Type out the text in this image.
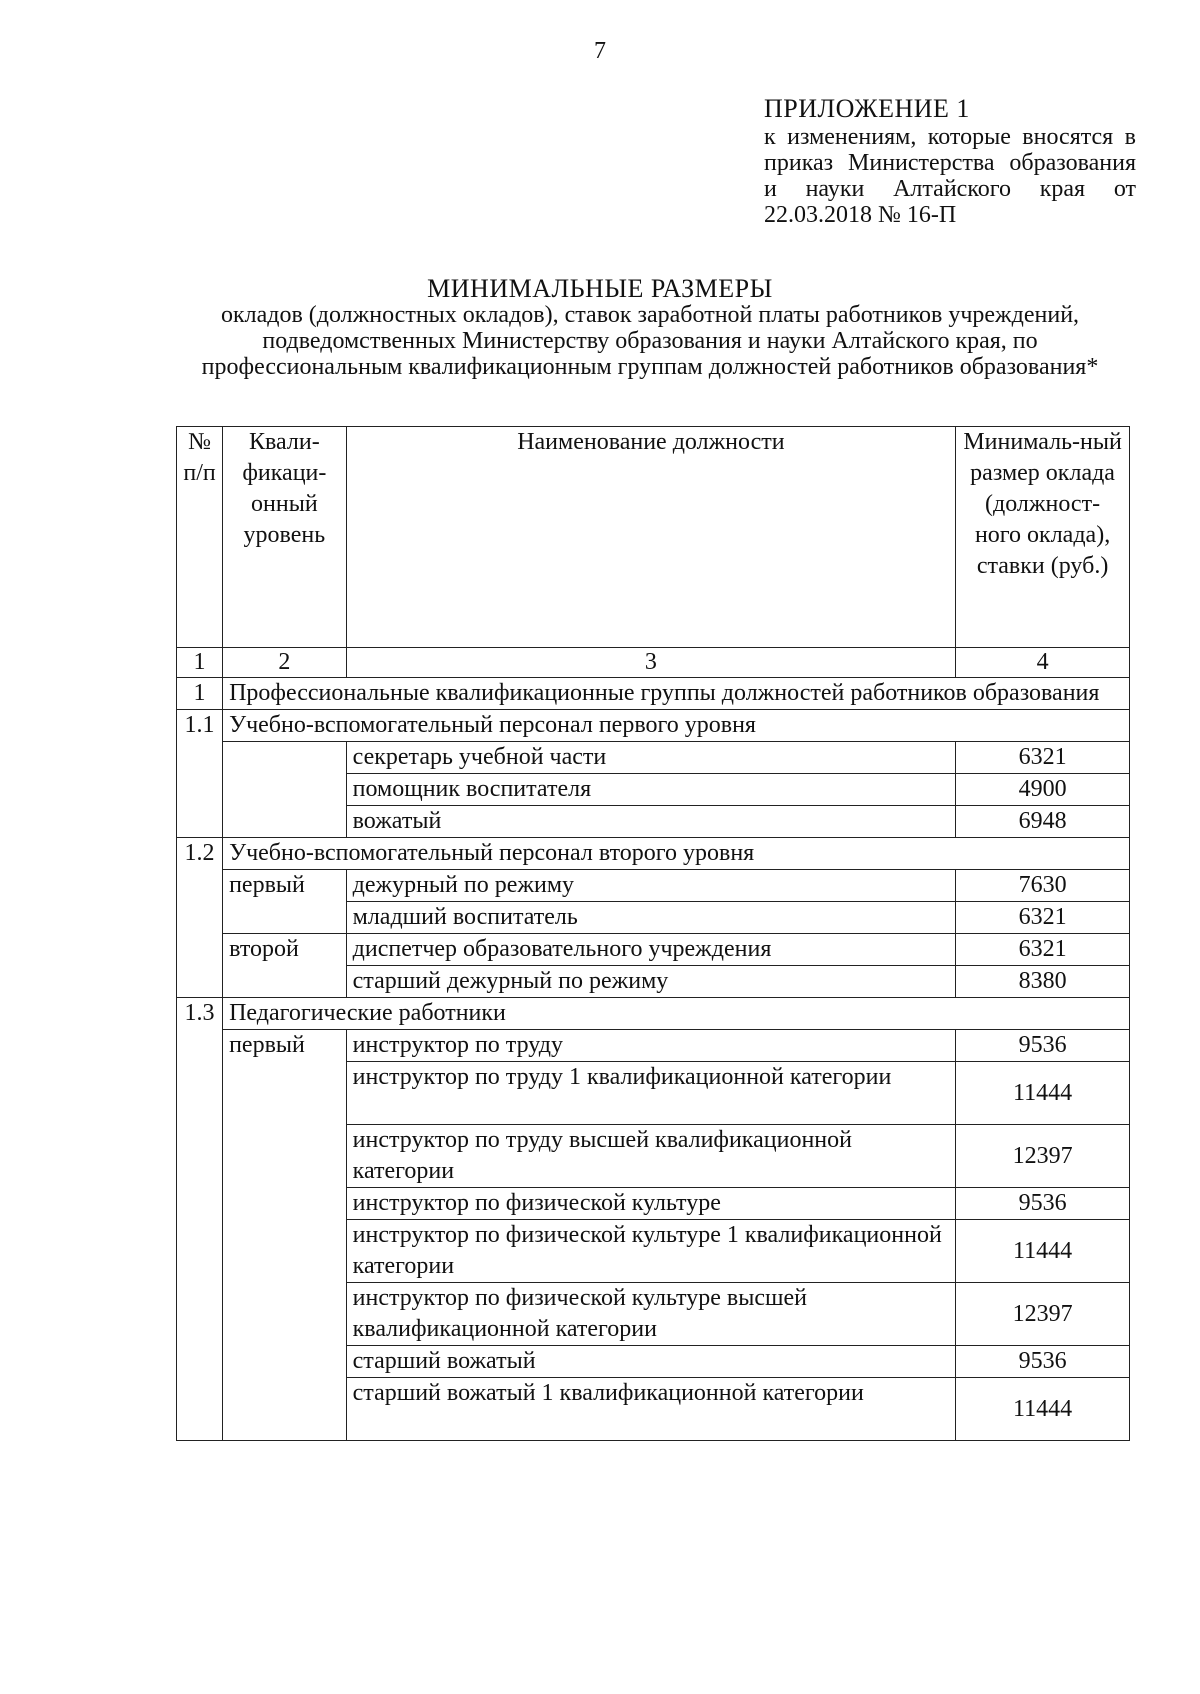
7
ПРИЛОЖЕНИЕ 1
к изменениям, которые вносятся в приказ Министерства образования и науки Алтайского края от 22.03.2018 № 16-П
МИНИМАЛЬНЫЕ РАЗМЕРЫ
окладов (должностных окладов), ставок заработной платы работников учреждений, подведомственных Министерству образования и науки Алтайского края, по профессиональным квалификационным группам должностей работников образования*
№ п/п	Квали-фикаци-онный уровень	Наименование должности	Минималь-ный размер оклада (должност-ного оклада), ставки (руб.)
1	2	3	4
1	Профессиональные квалификационные группы должностей работников образования		
1.1	Учебно-вспомогательный персонал первого уровня		
		секретарь учебной части	6321
		помощник воспитателя	4900
		вожатый	6948
1.2	Учебно-вспомогательный персонал второго уровня		
	первый	дежурный по режиму	7630
		младший воспитатель	6321
	второй	диспетчер образовательного учреждения	6321
		старший дежурный по режиму	8380
1.3	Педагогические работники		
	первый	инструктор по труду	9536
		инструктор по труду 1 квалификационной категории	11444
		инструктор по труду высшей квалификационной категории	12397
		инструктор по физической культуре	9536
		инструктор по физической культуре 1 квалификационной категории	11444
		инструктор по физической культуре высшей квалификационной категории	12397
		старший вожатый	9536
		старший вожатый 1 квалификационной категории	11444
